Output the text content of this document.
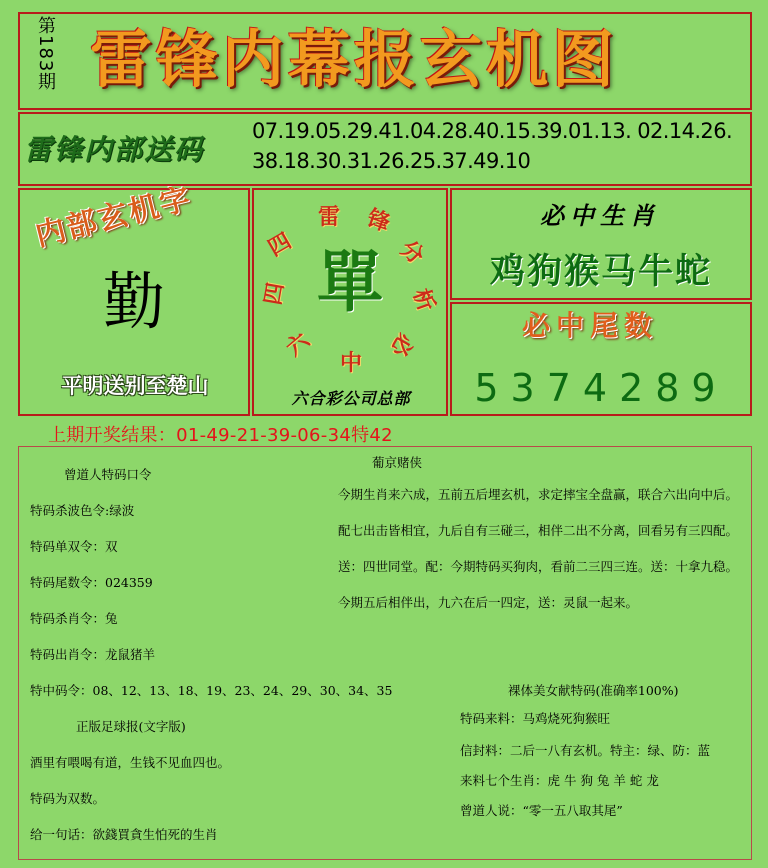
第183期 雷锋内幕报玄机图
雷锋内部送码
07.19.05.29.41.04.28.40.15.39.01.13. 02.14.26.38.18.30.31.26.25.37.49.10
内部玄机字
勤
平明送别至楚山
四
雷 锋
分
析
必
中
六
四 單
六合彩公司总部
必中生肖
鸡狗猴马牛蛇
必中尾数
5374289
上期开奖结果：01-49-21-39-06-34特42
曾道人特码口令
特码杀波色令:绿波
特码单双令：双
特码尾数令：024359
特码杀肖令：兔
特码出肖令：龙鼠猪羊
特中码令：08、12、13、18、19、23、24、29、30、34、35
正版足球报(文字版)
酒里有喂喝有道，生钱不见血四也。
特码为双数。
给一句话：欲錢買貪生怕死的生肖
葡京赌侠
今期生肖来六成，五前五后埋玄机，求定摔宝全盘赢，联合六出向中后。
配七出击皆相宜，九后自有三碰三，相伴二出不分离，回看另有三四配。
送：四世同堂。配：今期特码买狗肉，看前二三四三连。送：十拿九稳。
今期五后相伴出，九六在后一四定，送：灵鼠一起来。
裸体美女献特码(准确率100%)
特码来料：马鸡烧死狗猴旺
信封料：二后一八有玄机。特主：绿、防：蓝
来料七个生肖：虎 牛 狗 兔 羊 蛇 龙
曾道人说：“零一五八取其尾”
